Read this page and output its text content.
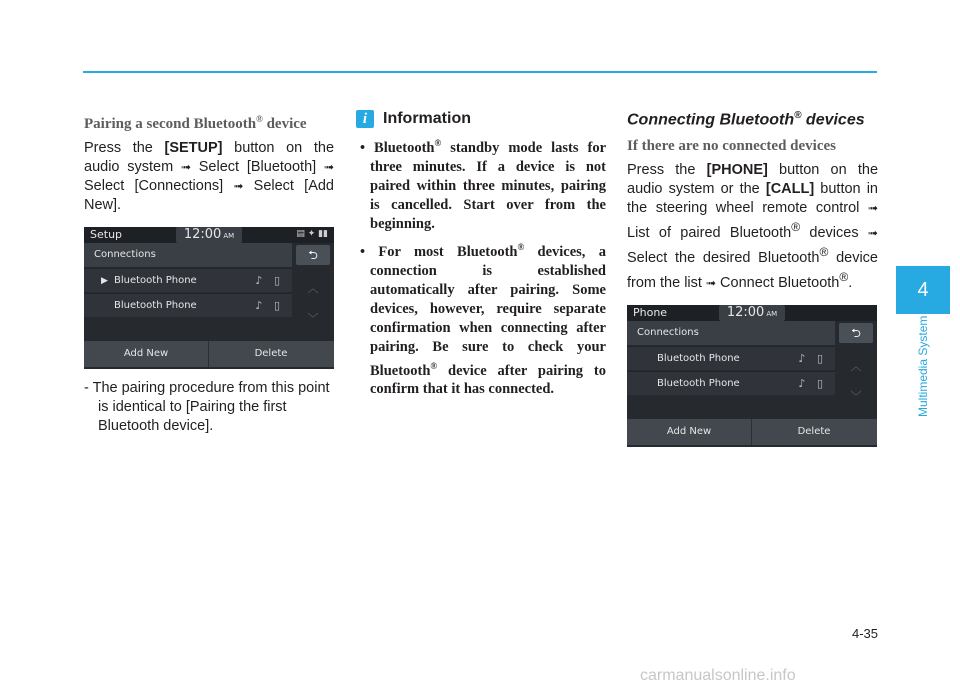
Pairing a second Bluetooth® device

Press the [SETUP] button on the audio system ➟ Select [Bluetooth] ➟ Select [Connections] ➟ Select [Add New].

Setup	12:00 AM	▤ ✦ ▮▮
Connections	⮌
▶ Bluetooth Phone	♪ ▯
Bluetooth Phone	♪ ▯
︿
﹀
Add New	Delete

- The pairing procedure from this point is identical to [Pairing the first Bluetooth device].

i Information
• Bluetooth® standby mode lasts for three minutes. If a device is not paired within three minutes, pairing is cancelled. Start over from the beginning.
• For most Bluetooth® devices, a connection is established automatically after pairing. Some devices, however, require separate confirmation when connecting after pairing. Be sure to check your Bluetooth® device after pairing to confirm that it has connected.
Connecting Bluetooth® devices
If there are no connected devices

Press the [PHONE] button on the audio system or the [CALL] button in the steering wheel remote control ➟ List of paired Bluetooth® devices ➟ Select the desired Bluetooth® device from the list ➟ Connect Bluetooth®.

Phone	12:00 AM
Connections	⮌
Bluetooth Phone	♪ ▯
Bluetooth Phone	♪ ▯
︿
﹀
Add New	Delete
4
Multimedia System
4-35
carmanualsonline.info
